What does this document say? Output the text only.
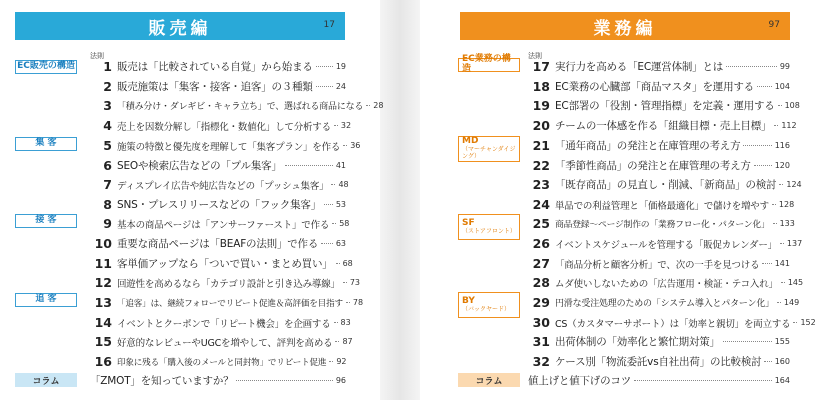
販売編	17
法則
EC販売の構造
集 客
接 客
追 客
1 販売は「比較されている自覚」から始まる	19
2 販売施策は「集客・接客・追客」の３種類	24
3 「積み分け・ダレギビ・キャラ立ち」で、選ばれる商品になる 28
4 売上を因数分解し「指標化・数値化」して分析する 32
5 施策の特徴と優先度を理解して「集客プラン」を作る 36
6 SEOや検索広告などの「プル集客」	41
7 ディスプレイ広告や純広告などの「プッシュ集客」 48
8 SNS・プレスリリースなどの「フック集客」 53
9 基本の商品ページは「アンサーファースト」で作る 58
10 重要な商品ページは「BEAFの法則」で作る 63
11 客単価アップなら「ついで買い・まとめ買い」 68
12 回遊性を高めるなら「カテゴリ設計と引き込み導線」 73
13 「追客」は、継続フォローでリピート促進＆高評価を目指す 78
14 イベントとクーポンで「リピート機会」を企画する 83
15 好意的なレビューやUGCを増やして、評判を高める 87
16 印象に残る「購入後のメールと同封物」でリピート促進 92
コラム	「ZMOT」を知っていますか？	96
業務編	97
法則
EC業務の構造
MD
（マーチャンダイジング）
SF
（ストアフロント）
BY
（バックヤード）
17 実行力を高める「EC運営体制」とは	99
18 EC業務の心臓部「商品マスタ」を運用する	104
19 EC部署の「役割・管理指標」を定義・運用する 108
20 チームの一体感を作る「組織目標・売上目標」 112
21 「通年商品」の発注と在庫管理の考え方	116
22 「季節性商品」の発注と在庫管理の考え方	120
23 「既存商品」の見直し・削減、「新商品」の検討 124
24 単品での利益管理と「価格最適化」で儲けを増やす 128
25 商品登録〜ページ制作の「業務フロー化・パターン化」 133
26 イベントスケジュールを管理する「販促カレンダー」 137
27 「商品分析と顧客分析」で、次の一手を見つける 141
28 ムダ使いしないための「広告運用・検証・テコ入れ」 145
29 円滑な受注処理のための「システム導入とパターン化」 149
30 CS（カスタマーサポート）は「効率と親切」を両立する 152
31 出荷体制の「効率化と繁忙期対策」	155
32 ケース別「物流委託vs自社出荷」の比較検討 160
コラム	値上げと値下げのコツ	164
